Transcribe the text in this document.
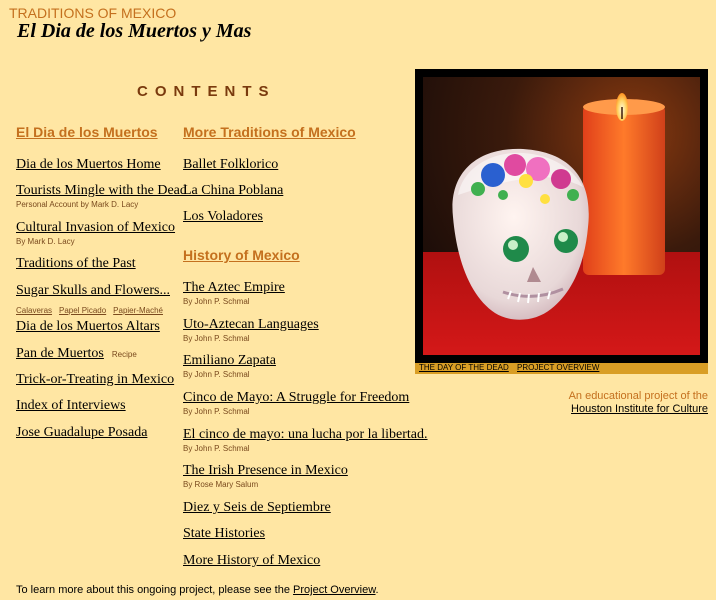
TRADITIONS OF MEXICO
El Dia de los Muertos y Mas
CONTENTS
El Dia de los Muertos
Dia de los Muertos Home
Tourists Mingle with the Dead
Personal Account by Mark D. Lacy
Cultural Invasion of Mexico
By Mark D. Lacy
Traditions of the Past
Sugar Skulls and Flowers...
Calaveras Papel Picado Papier-Maché
Dia de los Muertos Altars
Pan de Muertos Recipe
Trick-or-Treating in Mexico
Index of Interviews
Jose Guadalupe Posada
More Traditions of Mexico
Ballet Folklorico
La China Poblana
Los Voladores
History of Mexico
The Aztec Empire
By John P. Schmal
Uto-Aztecan Languages
By John P. Schmal
Emiliano Zapata
By John P. Schmal
Cinco de Mayo: A Struggle for Freedom
By John P. Schmal
El cinco de mayo: una lucha por la libertad.
By John P. Schmal
The Irish Presence in Mexico
By Rose Mary Salum
Diez y Seis de Septiembre
State Histories
More History of Mexico
THE DAY OF THE DEAD PROJECT OVERVIEW
An educational project of the
Houston Institute for Culture
To learn more about this ongoing project, please see the Project Overview.
